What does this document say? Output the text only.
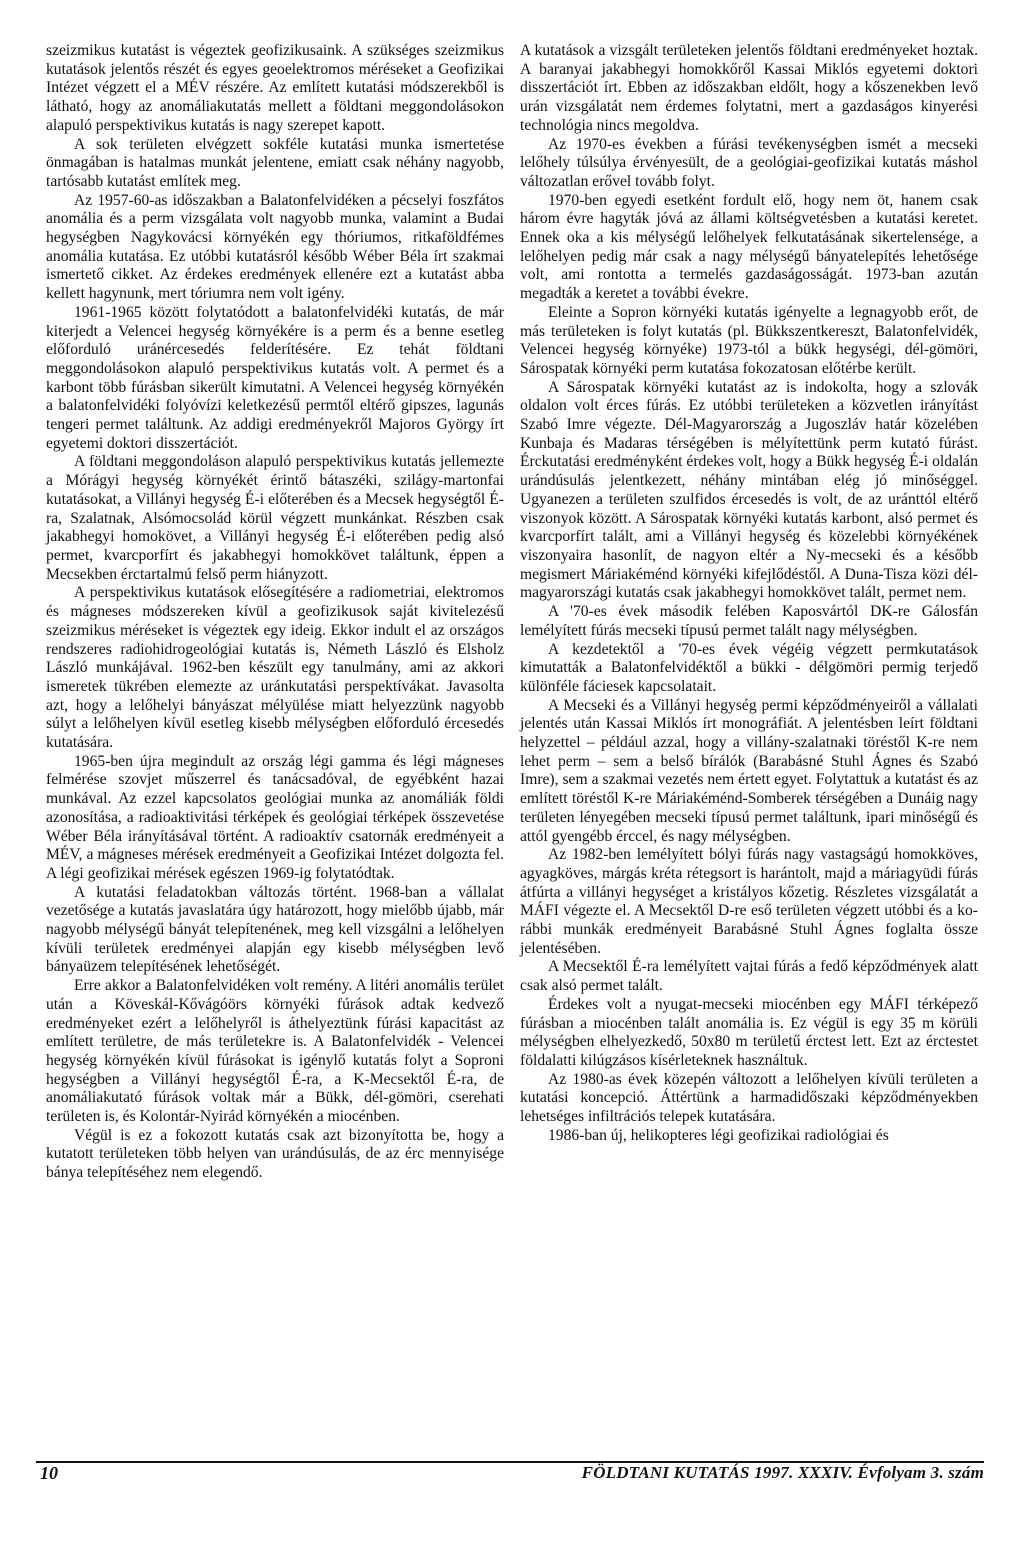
szeizmikus kutatást is végeztek geofizikusaink. A szükséges szeizmikus kutatások jelentős részét és egyes geoelektromos méréseket a Geofizikai Intézet végzett el a MÉV részére. Az említett kutatási módszerekből is látható, hogy az anomáliakutatás mellett a földtani meggondolásokon alapuló perspektivikus kutatás is nagy szerepet kapott.

A sok területen elvégzett sokféle kutatási munka ismertetése önmagában is hatalmas munkát jelentene, emiatt csak néhány nagyobb, tartósabb kutatást említek meg.

Az 1957-60-as időszakban a Balatonfelvidéken a pécselyi foszfátos anomália és a perm vizsgálata volt nagyobb munka, valamint a Budai hegységben Nagykovácsi környékén egy thóriumos, ritkaföldfémes anomália kutatása. Ez utóbbi kutatásról később Wéber Béla írt szakmai ismertető cikket. Az érdekes eredmények ellenére ezt a kutatást abba kellett hagynunk, mert tóriumra nem volt igény.

1961-1965 között folytatódott a balatonfelvidéki kutatás, de már kiterjedt a Velencei hegység környékére is a perm és a benne esetleg előforduló uránércesedés felderítésére. Ez tehát földtani meggondolásokon alapuló perspektivikus kutatás volt. A permet és a karbont több fúrásban sikerült kimutatni. A Velencei hegység környékén a balatonfelvidéki folyóvízi keletkezésű permtől eltérő gipszes, lagunás tengeri permet találtunk. Az addigi eredményekről Majoros György írt egyetemi doktori disszertációt.

A földtani meggondoláson alapuló perspektivikus kutatás jellemezte a Mórágyi hegység környékét érintő bátaszéki, szilágy-martonfai kutatásokat, a Villányi hegység É-i előterében és a Mecsek hegységtől É-ra, Szalatnak, Alsómocsolád körül végzett munkánkat. Részben csak jakabhegyi homokövet, a Villányi hegység É-i előterében pedig alsó permet, kvarcporfírt és jakabhegyi homokkövet találtunk, éppen a Mecsekben érctartalmú felső perm hiányzott.

A perspektivikus kutatások elősegítésére a radiometriai, elektromos és mágneses módszereken kívül a geofizikusok saját kivitelezésű szeizmikus méréseket is végeztek egy ideig. Ekkor indult el az országos rendszeres radiohidrogeológiai kutatás is, Németh László és Elsholz László munkájával. 1962-ben készült egy tanulmány, ami az akkori ismeretek tükrében elemezte az uránkutatási perspektívákat. Javasolta azt, hogy a lelőhelyi bányászat mélyülése miatt helyezzünk nagyobb súlyt a lelőhelyen kívül esetleg kisebb mélységben előforduló ércesedés kutatására.

1965-ben újra megindult az ország légi gamma és légi mágneses felmérése szovjet műszerrel és tanácsadóval, de egyébként hazai munkával. Az ezzel kapcsolatos geológiai munka az anomáliák földi azonosítása, a radioaktivitási térképek és geológiai térképek összevetése Wéber Béla irányításával történt. A radioaktív csatornák eredményeit a MÉV, a mágneses mérések eredményeit a Geofizikai Intézet dolgozta fel. A légi geofizikai mérések egészen 1969-ig folytatódtak.

A kutatási feladatokban változás történt. 1968-ban a vállalat vezetősége a kutatás javaslatára úgy határozott, hogy mielőbb újabb, már nagyobb mélységű bányát telepítenének, meg kell vizsgálni a lelőhelyen kívüli területek eredményei alapján egy kisebb mélységben levő bányaüzem telepítésének lehetőségét.

Erre akkor a Balatonfelvidéken volt remény. A litéri anomális terület után a Köveskál-Kővágóörs környéki fúrások adtak kedvező eredményeket ezért a lelőhelyről is áthelyeztünk fúrási kapacitást az említett területre, de más területekre is. A Balatonfelvidék - Velencei hegység környékén kívül fúrásokat is igénylő kutatás folyt a Soproni hegységben a Villányi hegységtől É-ra, a K-Mecsektől É-ra, de anomáliakutató fúrások voltak már a Bükk, dél-gömöri, cserehati területen is, és Kolontár-Nyirád környékén a miocénben.

Végül is ez a fokozott kutatás csak azt bizonyította be, hogy a kutatott területeken több helyen van urándúsulás, de az érc mennyisége bánya telepítéséhez nem elegendő.

A kutatások a vizsgált területeken jelentős földtani eredményeket hoztak. A baranyai jakabhegyi homokkőről Kassai Miklós egyetemi doktori disszertációt írt. Ebben az időszakban eldőlt, hogy a kőszenekben levő urán vizsgálatát nem érdemes folytatni, mert a gazdaságos kinyerési technológia nincs megoldva.

Az 1970-es években a fúrási tevékenységben ismét a mecseki lelőhely túlsúlya érvényesült, de a geológiai-geofizikai kutatás máshol változatlan erővel tovább folyt.

1970-ben egyedi esetként fordult elő, hogy nem öt, hanem csak három évre hagyták jóvá az állami költségvetésben a kutatási keretet. Ennek oka a kis mélységű lelőhelyek felkutatásának sikertelensége, a lelőhelyen pedig már csak a nagy mélységű bányatelepítés lehetősége volt, ami rontotta a termelés gazdaságosságát. 1973-ban azután megadták a keretet a további évekre.

Eleinte a Sopron környéki kutatás igényelte a legnagyobb erőt, de más területeken is folyt kutatás (pl. Bükkszentkereszt, Balatonfelvidék, Velencei hegység környéke) 1973-tól a bükk hegységi, dél-gömöri, Sárospatak környéki perm kutatása fokozatosan előtérbe került.

A Sárospatak környéki kutatást az is indokolta, hogy a szlovák oldalon volt érces fúrás. Ez utóbbi területeken a közvetlen irányítást Szabó Imre végezte. Dél-Magyarország a Jugoszláv határ közelében Kunbaja és Madaras térségében is mélyítettünk perm kutató fúrást. Érckutatási eredményként érdekes volt, hogy a Bükk hegység É-i oldalán urándúsulás jelentkezett, néhány mintában elég jó minőséggel. Ugyanezen a területen szulfidos ércesedés is volt, de az uránttól eltérő viszonyok között. A Sárospatak környéki kutatás karbont, alsó permet és kvarcporfírt talált, ami a Villányi hegység és közelebbi környékének viszonyaira hasonlít, de nagyon eltér a Ny-mecseki és a később megismert Máriakéménd környéki kifejlődéstől. A Duna-Tisza közi dél-magyarországi kutatás csak jakabhegyi homokkövet talált, permet nem.

A '70-es évek második felében Kaposvártól DK-re Gálosfán lemélyített fúrás mecseki típusú permet talált nagy mélységben.

A kezdetektől a '70-es évek végéig végzett permkutatások kimutatták a Balatonfelvidéktől a bükki - délgömöri permig terjedő különféle fáciesek kapcsolatait.

A Mecseki és a Villányi hegység permi képződményeiről a vállalati jelentés után Kassai Miklós írt monográfiát. A jelentésben leírt földtani helyzettel – például azzal, hogy a villány-szalatnaki töréstől K-re nem lehet perm – sem a belső bírálók (Barabásné Stuhl Ágnes és Szabó Imre), sem a szakmai vezetés nem értett egyet. Folytattuk a kutatást és az említett töréstől K-re Máriakéménd-Somberek térségében a Dunáig nagy területen lényegében mecseki típusú permet találtunk, ipari minőségű és attól gyengébb érccel, és nagy mélységben.

Az 1982-ben lemélyített bólyi fúrás nagy vastagságú homokköves, agyagköves, márgás kréta rétegsort is harántolt, majd a máriagyüdi fúrás átfúrta a villányi hegységet a kristályos kőzetig. Részletes vizsgálatát a MÁFI végezte el. A Mecsektől D-re eső területen végzett utóbbi és a ko-rábbi munkák eredményeit Barabásné Stuhl Ágnes foglalta össze jelentésében.

A Mecsektől É-ra lemélyített vajtai fúrás a fedő képződmények alatt csak alsó permet talált.

Érdekes volt a nyugat-mecseki miocénben egy MÁFI térképező fúrásban a miocénben talált anomália is. Ez végül is egy 35 m körüli mélységben elhelyezkedő, 50x80 m területű érctest lett. Ezt az érctestet földalatti kilúgzásos kísérleteknek használtuk.

Az 1980-as évek közepén változott a lelőhelyen kívüli területen a kutatási koncepció. Áttértünk a harmadidőszaki képződményekben lehetséges infiltrációs telepek kutatására.

1986-ban új, helikopteres légi geofizikai radiológiai és

10	FÖLDTANI KUTATÁS 1997. XXXIV. Évfolyam 3. szám
